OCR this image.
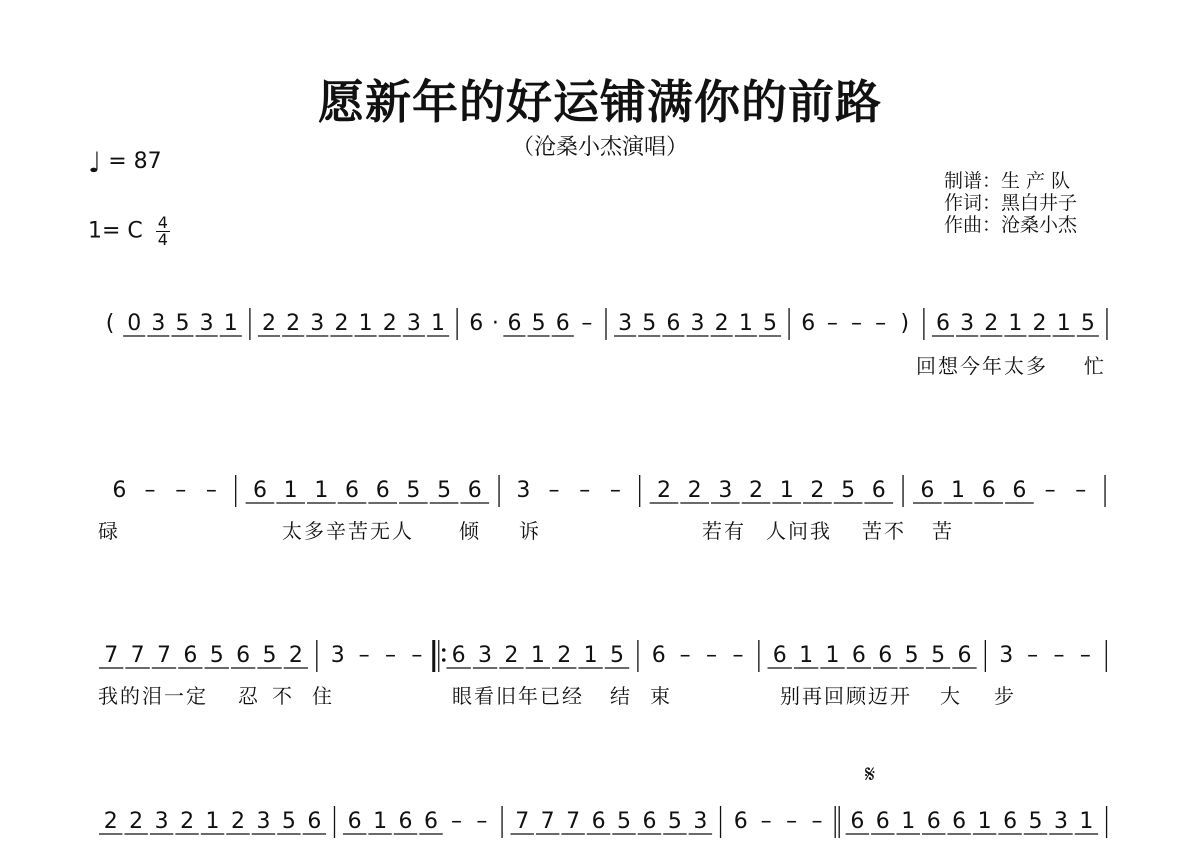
愿新年的好运铺满你的前路
（沧桑小杰演唱）
♩ = 87
1= C $\frac{4}{4}$
制谱：生 产 队
作词：黑白井子
作曲：沧桑小杰
( 0 3 5 3 1 2 2 3 2 1 2 3 1 6 · 6 5 6 – 3 5 6 3 2 1 5 6 – – – ) 6 3 2 1 2 1 5
回想今年太多 忙
6 – – – 6 1 1 6 6 5 5 6 3 – – – 2 2 3 2 1 2 5 6 6 1 6 6 – –
碌	太多辛苦无人 倾 诉	若有 人问我 苦不 苦
7 7 7 6 5 6 5 2 3 – – – 6 3 2 1 2 1 5 6 – – – 6 1 1 6 6 5 5 6 3 – – –
我的泪一定 忍 不 住	眼看旧年已经 结 束	别再回顾迈开 大 步
2 2 3 2 1 2 3 5 6 6 1 6 6 – – 7 7 7 6 5 6 5 3 6 – – – 6 6 1 6 6 1 6 5 3 1
𝄋
